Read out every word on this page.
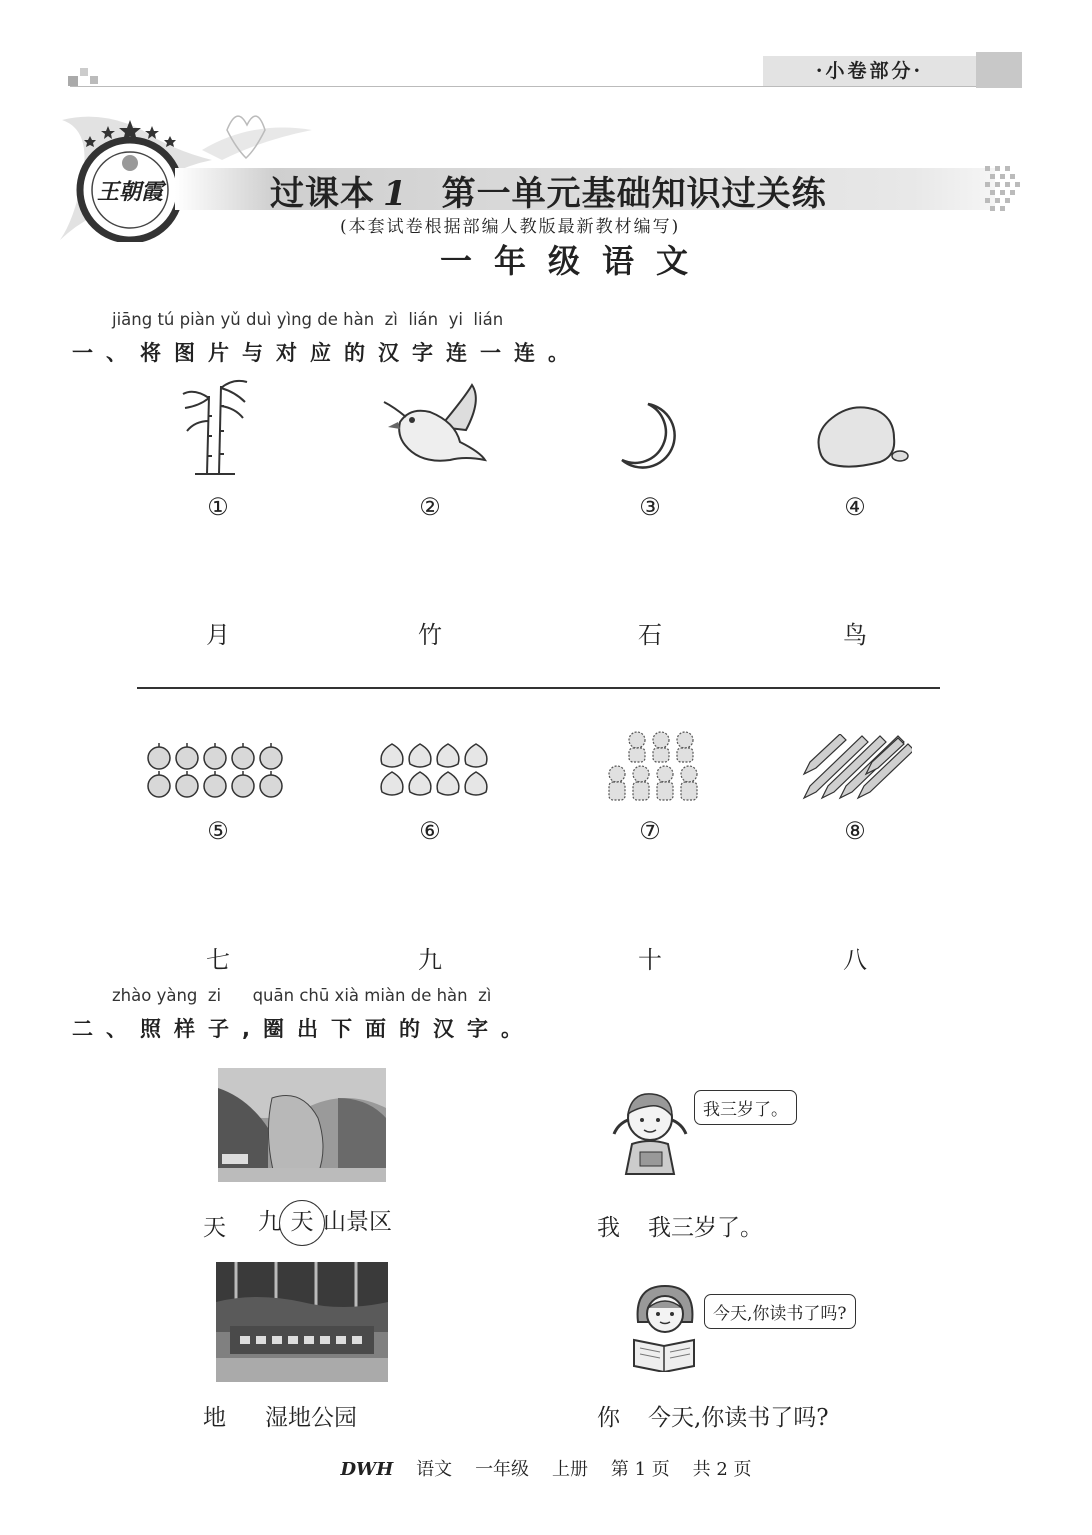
·小卷部分·
王朝霞	过课本 1 第一单元基础知识过关练
(本套试卷根据部编人教版最新教材编写)
一年级语文
jiāng tú piàn yǔ duì yìng de hàn  zì  lián  yi  lián
一、将图片与对应的汉字连一连。
①	②	③	④
月	竹	石	鸟
⑤	⑥	⑦	⑧
七	九	十	八
zhào yàng  zi      quān chū xià miàn de hàn  zì
二、照样子,圈出下面的汉字。
我三岁了。
天 九 天 山景区	我 我三岁了。
今天,你读书了吗?
地 湿地公园	你 今天,你读书了吗?
DWH 语文 一年级 上册 第 1 页 共 2 页
